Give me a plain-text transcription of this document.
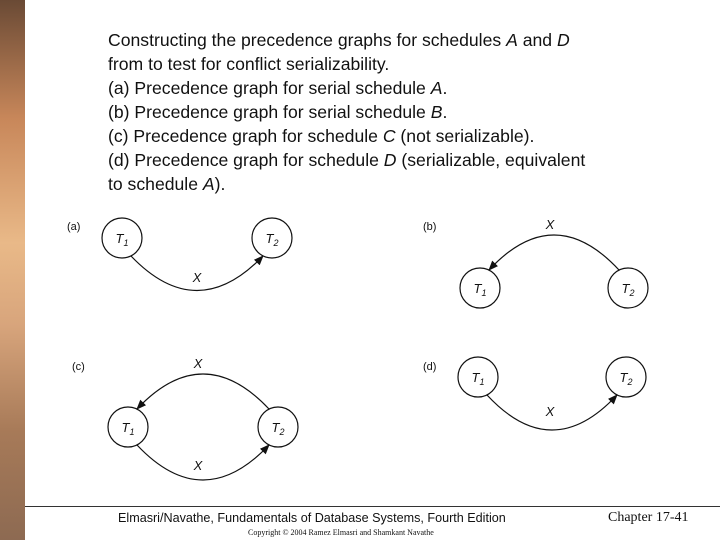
Constructing the precedence graphs for schedules A and D
from to test for conflict serializability.
(a) Precedence graph for serial schedule A.
(b) Precedence graph for serial schedule B.
(c) Precedence graph for schedule C (not serializable).
(d) Precedence graph for schedule D (serializable, equivalent
to schedule A).
(a)
$T_1$	$T_2$
X
(b)
$T_1$	$T_2$
X
(c)
$T_1$	$T_2$
X
X
(d)
$T_1$	$T_2$
X
Elmasri/Navathe, Fundamentals of Database Systems, Fourth Edition	Chapter 17-41
Copyright © 2004 Ramez Elmasri and Shamkant Navathe
